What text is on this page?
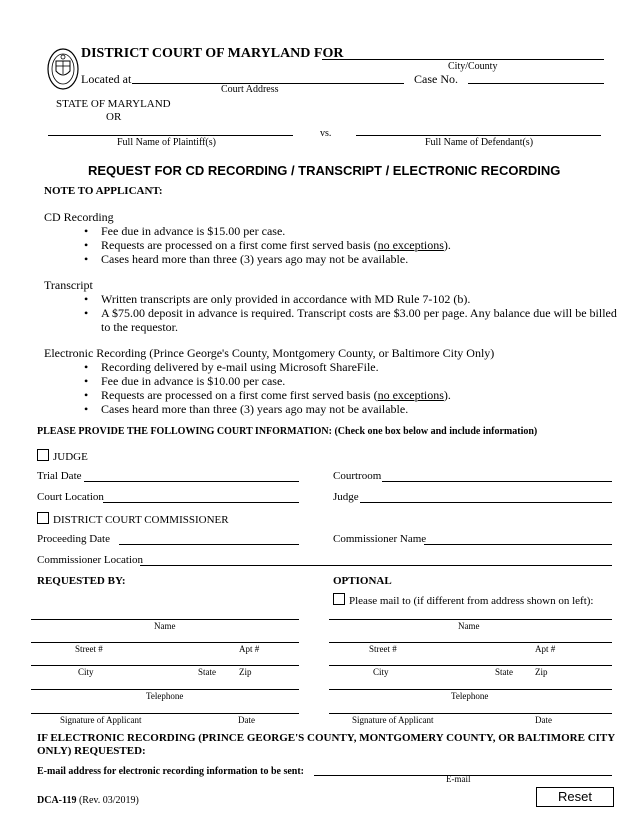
DISTRICT COURT OF MARYLAND FOR
City/County
Located at
Court Address
Case No.
STATE OF MARYLAND
OR
Full Name of Plaintiff(s)
vs.
Full Name of Defendant(s)
REQUEST FOR CD RECORDING / TRANSCRIPT / ELECTRONIC RECORDING
NOTE TO APPLICANT:
CD Recording
• Fee due in advance is $15.00 per case.
• Requests are processed on a first come first served basis (no exceptions).
• Cases heard more than three (3) years ago may not be available.
Transcript
• Written transcripts are only provided in accordance with MD Rule 7-102 (b).
• A $75.00 deposit in advance is required. Transcript costs are $3.00 per page. Any balance due will be billed
to the requestor.
Electronic Recording (Prince George's County, Montgomery County, or Baltimore City Only)
• Recording delivered by e-mail using Microsoft ShareFile.
• Fee due in advance is $10.00 per case.
• Requests are processed on a first come first served basis (no exceptions).
• Cases heard more than three (3) years ago may not be available.
PLEASE PROVIDE THE FOLLOWING COURT INFORMATION: (Check one box below and include information)
JUDGE
Trial Date	Courtroom
Court Location	Judge
DISTRICT COURT COMMISSIONER
Proceeding Date	Commissioner Name
Commissioner Location
REQUESTED BY:
Name
Street #	Apt #
City	State	Zip
Telephone
Signature of Applicant	Date
OPTIONAL
Please mail to (if different from address shown on left):
Name
Street #	Apt #
City	State Zip
Telephone
Signature of Applicant	Date
IF ELECTRONIC RECORDING (PRINCE GEORGE'S COUNTY, MONTGOMERY COUNTY, OR BALTIMORE CITY
ONLY) REQUESTED:
E-mail address for electronic recording information to be sent:
E-mail
DCA-119 (Rev. 03/2019)	Reset
